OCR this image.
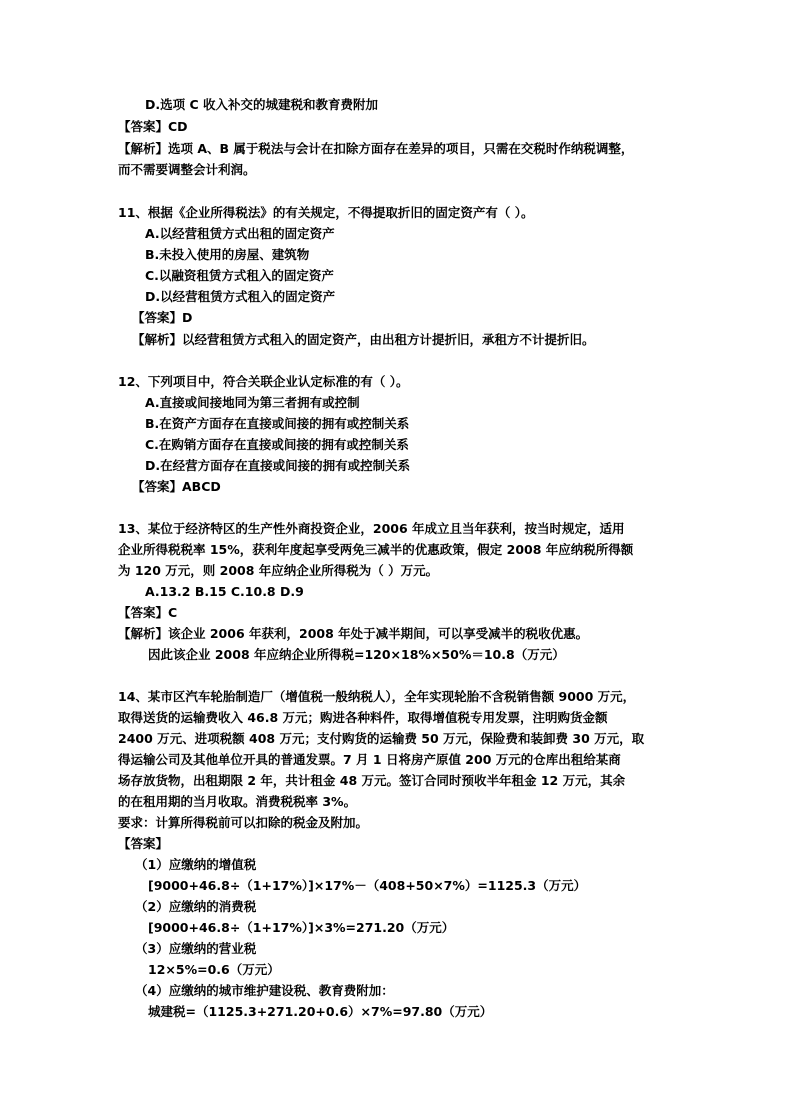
D.选项 C 收入补交的城建税和教育费附加
【答案】CD
【解析】选项 A、B 属于税法与会计在扣除方面存在差异的项目，只需在交税时作纳税调整，
而不需要调整会计利润。
11、根据《企业所得税法》的有关规定，不得提取折旧的固定资产有（ ）。
A.以经营租赁方式出租的固定资产
B.未投入使用的房屋、建筑物
C.以融资租赁方式租入的固定资产
D.以经营租赁方式租入的固定资产
【答案】D
【解析】以经营租赁方式租入的固定资产，由出租方计提折旧，承租方不计提折旧。
12、下列项目中，符合关联企业认定标准的有（ ）。
A.直接或间接地同为第三者拥有或控制
B.在资产方面存在直接或间接的拥有或控制关系
C.在购销方面存在直接或间接的拥有或控制关系
D.在经营方面存在直接或间接的拥有或控制关系
【答案】ABCD
13、某位于经济特区的生产性外商投资企业，2006 年成立且当年获利，按当时规定，适用
企业所得税税率 15%，获利年度起享受两免三减半的优惠政策，假定 2008 年应纳税所得额
为 120 万元，则 2008 年应纳企业所得税为（ ）万元。
A.13.2 B.15 C.10.8 D.9
【答案】C
【解析】该企业 2006 年获利，2008 年处于减半期间，可以享受减半的税收优惠。
因此该企业 2008 年应纳企业所得税=120×18%×50%＝10.8（万元）
14、某市区汽车轮胎制造厂（增值税一般纳税人），全年实现轮胎不含税销售额 9000 万元，
取得送货的运输费收入 46.8 万元；购进各种料件，取得增值税专用发票，注明购货金额
2400 万元、进项税额 408 万元；支付购货的运输费 50 万元，保险费和装卸费 30 万元，取
得运输公司及其他单位开具的普通发票。7 月 1 日将房产原值 200 万元的仓库出租给某商
场存放货物，出租期限 2 年，共计租金 48 万元。签订合同时预收半年租金 12 万元，其余
的在租用期的当月收取。消费税税率 3%。
要求：计算所得税前可以扣除的税金及附加。
【答案】
（1）应缴纳的增值税
[9000+46.8÷（1+17%）]×17%－（408+50×7%）=1125.3（万元）
（2）应缴纳的消费税
[9000+46.8÷（1+17%）]×3%=271.20（万元）
（3）应缴纳的营业税
12×5%=0.6（万元）
（4）应缴纳的城市维护建设税、教育费附加：
城建税=（1125.3+271.20+0.6）×7%=97.80（万元）
